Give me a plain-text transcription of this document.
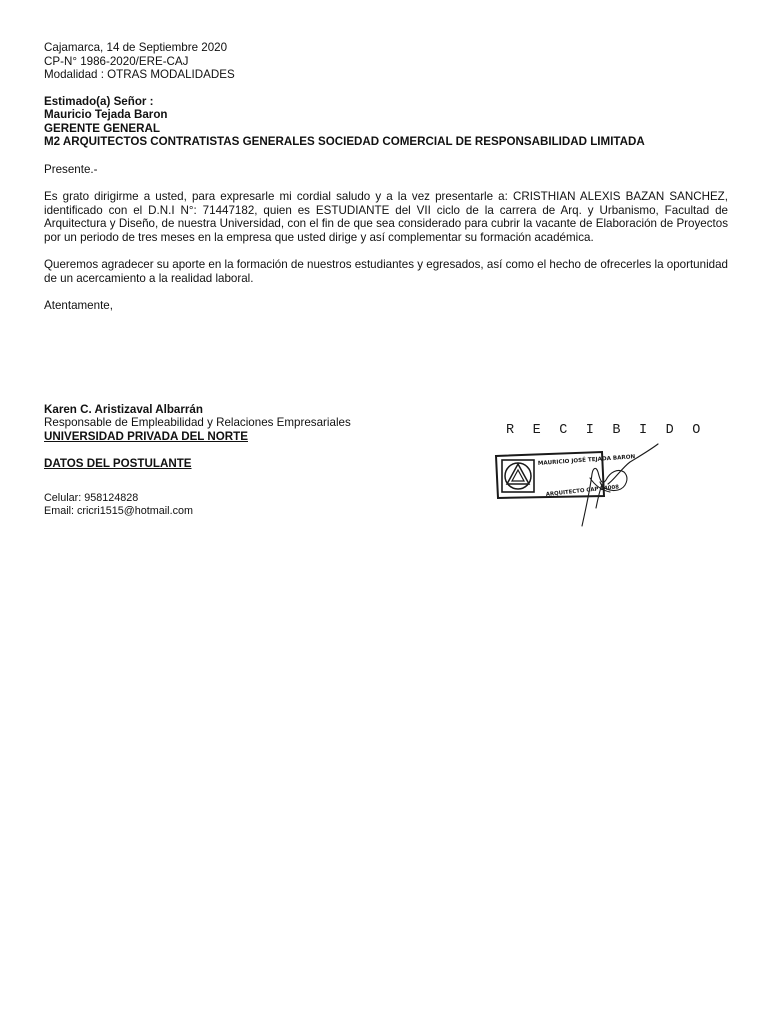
Cajamarca, 14 de Septiembre 2020
CP-N° 1986-2020/ERE-CAJ
Modalidad : OTRAS MODALIDADES
Estimado(a) Señor :
Mauricio Tejada Baron
GERENTE GENERAL
M2 ARQUITECTOS CONTRATISTAS GENERALES SOCIEDAD COMERCIAL DE RESPONSABILIDAD LIMITADA
Presente.-

Es grato dirigirme a usted, para expresarle mi cordial saludo y a la vez presentarle a: CRISTHIAN ALEXIS BAZAN SANCHEZ, identificado con el D.N.I N°: 71447182, quien es ESTUDIANTE del VII ciclo de la carrera de Arq. y Urbanismo, Facultad de Arquitectura y Diseño, de nuestra Universidad, con el fin de que sea considerado para cubrir la vacante de Elaboración de Proyectos por un periodo de tres meses en la empresa que usted dirige y así complementar su formación académica.

Queremos agradecer su aporte en la formación de nuestros estudiantes y egresados, así como el hecho de ofrecerles la oportunidad de un acercamiento a la realidad laboral.

Atentamente,
Karen C. Aristizaval Albarrán
Responsable de Empleabilidad y Relaciones Empresariales
UNIVERSIDAD PRIVADA DEL NORTE
DATOS DEL POSTULANTE
Celular: 958124828
Email: cricri1515@hotmail.com
R E C I B I D O
MAURICIO JOSÉ TEJADA BARON
ARQUITECTO CAP 14008
